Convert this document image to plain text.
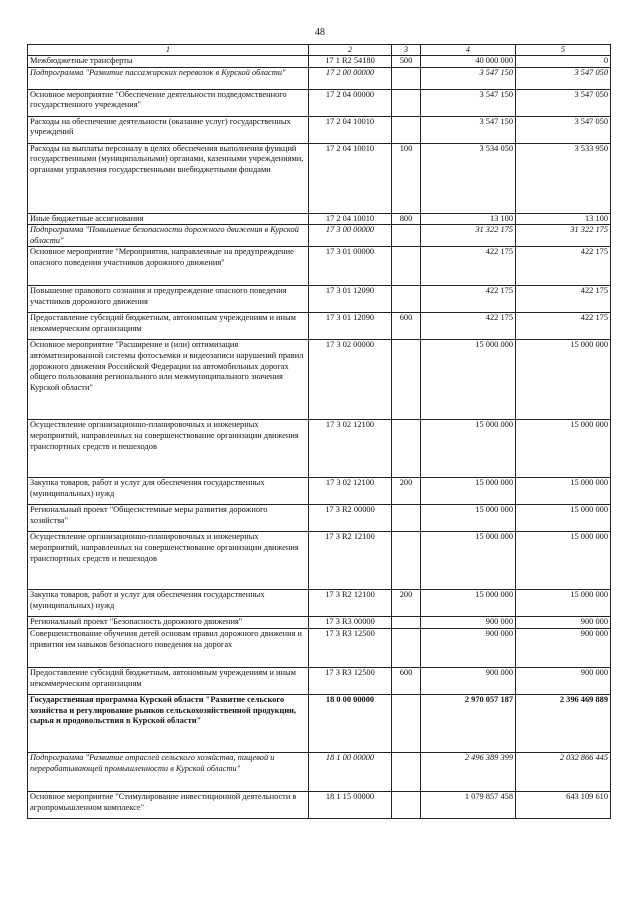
48
1	2	3	4	5
Межбюджетные трансферты	17 1 R2 54180	500	40 000 000	0
Подпрограмма "Развитие пассажирских перевозок в Курской области"	17 2 00 00000		3 547 150	3 547 050
Основное мероприятие "Обеспечение деятельности подведомственного государственного учреждения"	17 2 04 00000		3 547 150	3 547 050
Расходы на обеспечение деятельности (оказание услуг) государственных учреждений	17 2 04 10010		3 547 150	3 547 050
Расходы на выплаты персоналу в целях обеспечения выполнения функций государственными (муниципальными) органами, казенными учреждениями, органами управления государственными внебюджетными фондами	17 2 04 10010	100	3 534 050	3 533 950
Иные бюджетные ассигнования	17 2 04 10010	800	13 100	13 100
Подпрограмма "Повышение безопасности дорожного движения в Курской области"	17 3 00 00000		31 322 175	31 322 175
Основное мероприятие "Мероприятия, направленные на предупреждение опасного поведения участников дорожного движения"	17 3 01 00000		422 175	422 175
Повышение правового сознания и предупреждение опасного поведения участников дорожного движения	17 3 01 12090		422 175	422 175
Предоставление субсидий бюджетным, автономным учреждениям и иным некоммерческим организациям	17 3 01 12090	600	422 175	422 175
Основное мероприятие "Расширение и (или) оптимизация автоматизированной системы фотосъемки и видеозаписи нарушений правил дорожного движения Российской Федерации на автомобильных дорогах общего пользования регионального или межмуниципального значения Курской области"	17 3 02 00000		15 000 000	15 000 000
Осуществление организационно-планировочных и инженерных мероприятий, направленных на совершенствование организации движения транспортных средств и пешеходов	17 3 02 12100		15 000 000	15 000 000
Закупка товаров, работ и услуг для обеспечения государственных (муниципальных) нужд	17 3 02 12100	200	15 000 000	15 000 000
Региональный проект "Общесистемные меры развития дорожного хозяйства"	17 3 R2 00000		15 000 000	15 000 000
Осуществление организационно-планировочных и инженерных мероприятий, направленных на совершенствование организации движения транспортных средств и пешеходов	17 3 R2 12100		15 000 000	15 000 000
Закупка товаров, работ и услуг для обеспечения государственных (муниципальных) нужд	17 3 R2 12100	200	15 000 000	15 000 000
Региональный проект "Безопасность дорожного движения"	17 3 R3 00000		900 000	900 000
Совершенствование обучения детей основам правил дорожного движения и привития им навыков безопасного поведения на дорогах	17 3 R3 12500		900 000	900 000
Предоставление субсидий бюджетным, автономным учреждениям и иным некоммерческим организациям	17 3 R3 12500	600	900 000	900 000
Государственная программа Курской области "Развитие сельского хозяйства и регулирование рынков сельскохозяйственной продукции, сырья и продовольствия в Курской области"	18 0 00 00000		2 970 057 187	2 396 469 889
Подпрограмма "Развитие отраслей сельского хозяйства, пищевой и перерабатывающей промышленности в Курской области"	18 1 00 00000		2 496 389 399	2 032 866 445
Основное мероприятие "Стимулирование инвестиционной деятельности в агропромышленном комплексе"	18 1 15 00000		1 079 857 458	643 109 610
